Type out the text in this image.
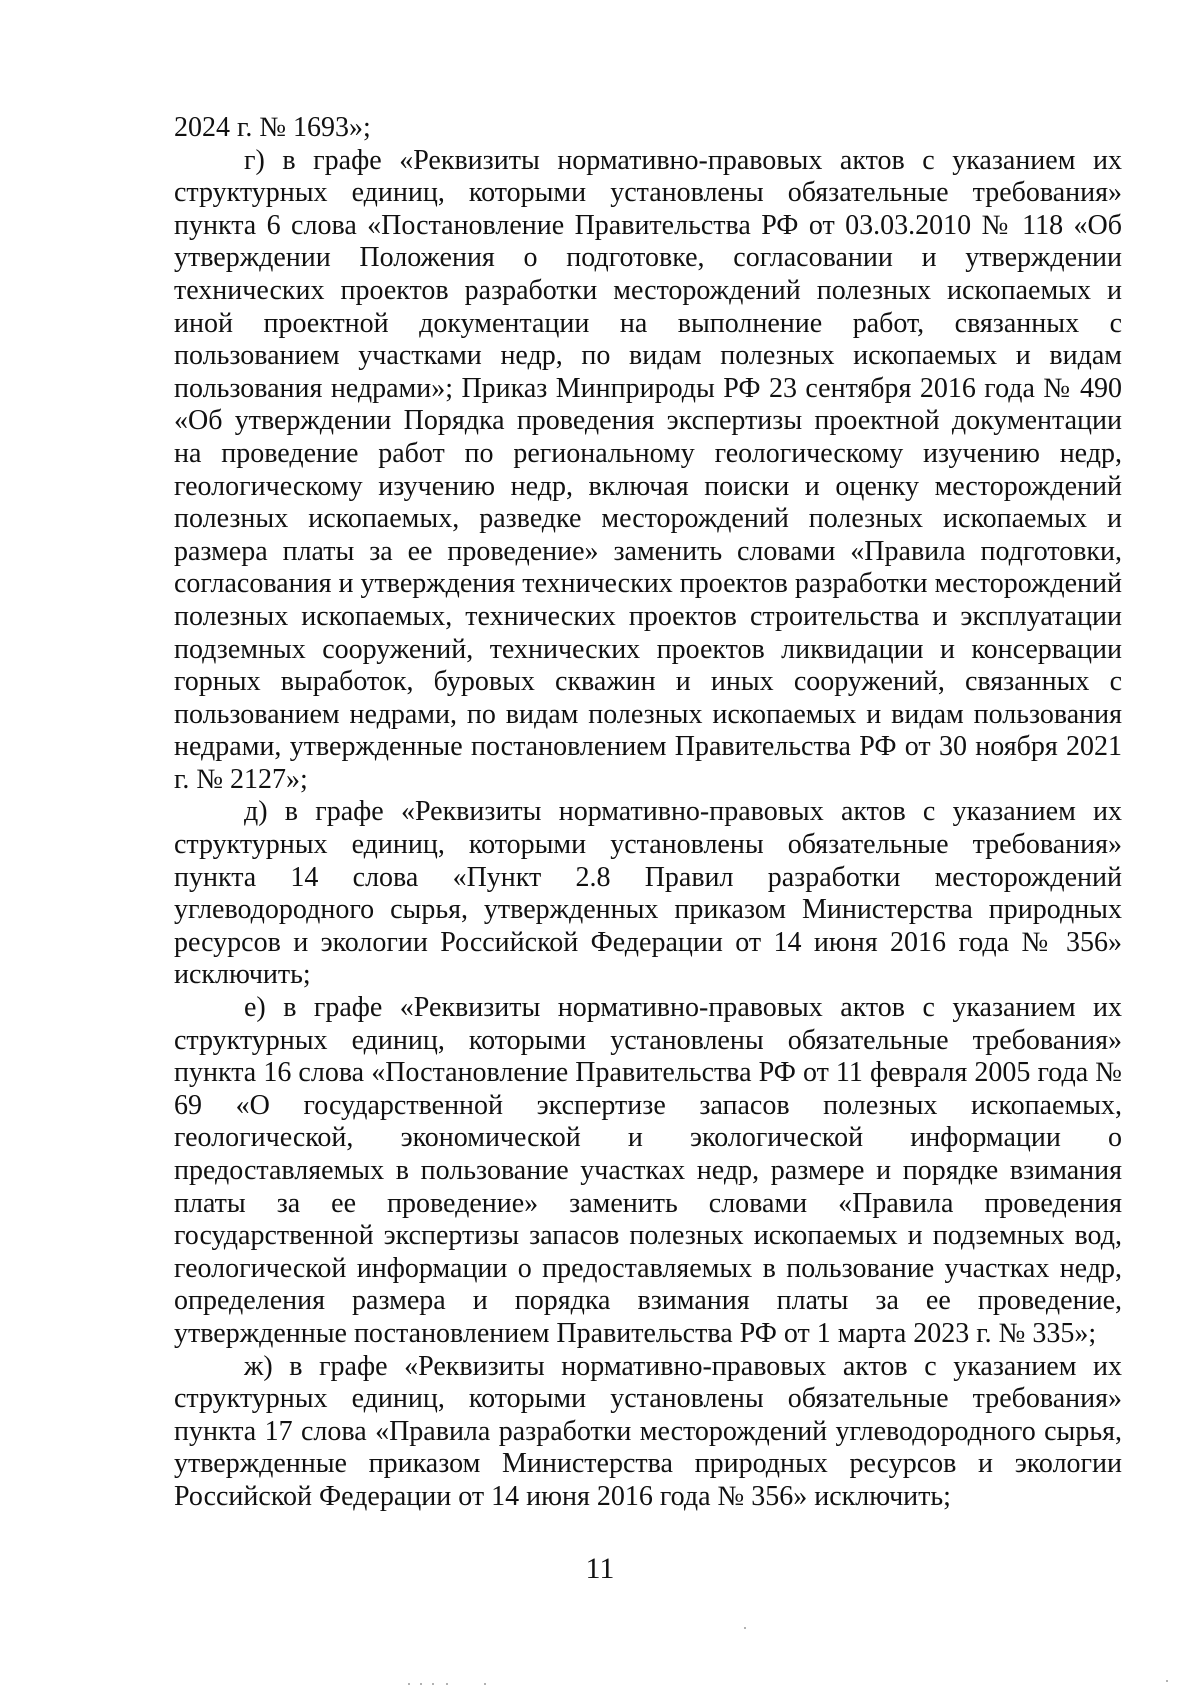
2024 г. № 1693»;

г) в графе «Реквизиты нормативно-правовых актов с указанием их структурных единиц, которыми установлены обязательные требования» пункта 6 слова «Постановление Правительства РФ от 03.03.2010 № 118 «Об утверждении Положения о подготовке, согласовании и утверждении технических проектов разработки месторождений полезных ископаемых и иной проектной документации на выполнение работ, связанных с пользованием участками недр, по видам полезных ископаемых и видам пользования недрами»; Приказ Минприроды РФ 23 сентября 2016 года № 490 «Об утверждении Порядка проведения экспертизы проектной документации на проведение работ по региональному геологическому изучению недр, геологическому изучению недр, включая поиски и оценку месторождений полезных ископаемых, разведке месторождений полезных ископаемых и размера платы за ее проведение» заменить словами «Правила подготовки, согласования и утверждения технических проектов разработки месторождений полезных ископаемых, технических проектов строительства и эксплуатации подземных сооружений, технических проектов ликвидации и консервации горных выработок, буровых скважин и иных сооружений, связанных с пользованием недрами, по видам полезных ископаемых и видам пользования недрами, утвержденные постановлением Правительства РФ от 30 ноября 2021 г. № 2127»;

д) в графе «Реквизиты нормативно-правовых актов с указанием их структурных единиц, которыми установлены обязательные требования» пункта 14 слова «Пункт 2.8 Правил разработки месторождений углеводородного сырья, утвержденных приказом Министерства природных ресурсов и экологии Российской Федерации от 14 июня 2016 года № 356» исключить;

е) в графе «Реквизиты нормативно-правовых актов с указанием их структурных единиц, которыми установлены обязательные требования» пункта 16 слова «Постановление Правительства РФ от 11 февраля 2005 года № 69 «О государственной экспертизе запасов полезных ископаемых, геологической, экономической и экологической информации о предоставляемых в пользование участках недр, размере и порядке взимания платы за ее проведение» заменить словами «Правила проведения государственной экспертизы запасов полезных ископаемых и подземных вод, геологической информации о предоставляемых в пользование участках недр, определения размера и порядка взимания платы за ее проведение, утвержденные постановлением Правительства РФ от 1 марта 2023 г. № 335»;

ж) в графе «Реквизиты нормативно-правовых актов с указанием их структурных единиц, которыми установлены обязательные требования» пункта 17 слова «Правила разработки месторождений углеводородного сырья, утвержденные приказом Министерства природных ресурсов и экологии Российской Федерации от 14 июня 2016 года № 356» исключить;

11
